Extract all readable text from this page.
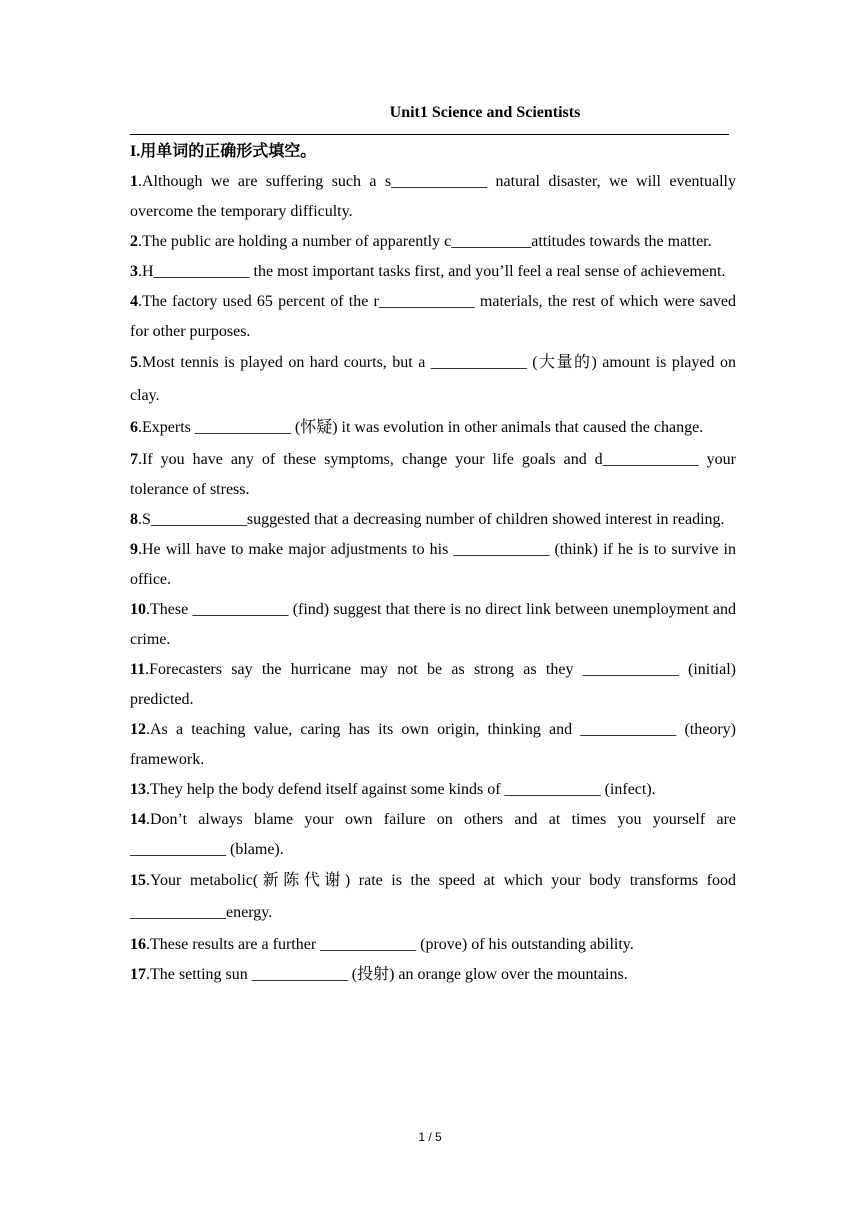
Unit1 Science and Scientists
I.用单词的正确形式填空。

1.Although we are suffering such a s____________ natural disaster, we will eventually overcome the temporary difficulty.

2.The public are holding a number of apparently c__________attitudes towards the matter.

3.H____________ the most important tasks first, and you’ll feel a real sense of achievement.

4.The factory used 65 percent of the r____________ materials, the rest of which were saved for other purposes.

5.Most tennis is played on hard courts, but a ____________ (大量的) amount is played on clay.

6.Experts ____________ (怀疑) it was evolution in other animals that caused the change.

7.If you have any of these symptoms, change your life goals and d____________ your tolerance of stress.

8.S____________suggested that a decreasing number of children showed interest in reading.

9.He will have to make major adjustments to his ____________ (think) if he is to survive in office.

10.These ____________ (find) suggest that there is no direct link between unemployment and crime.

11.Forecasters say the hurricane may not be as strong as they ____________ (initial) predicted.

12.As a teaching value, caring has its own origin, thinking and ____________ (theory) framework.

13.They help the body defend itself against some kinds of ____________ (infect).

14.Don’t always blame your own failure on others and at times you yourself are ____________ (blame).

15.Your metabolic(新陈代谢) rate is the speed at which your body transforms food ____________energy.

16.These results are a further ____________ (prove) of his outstanding ability.

17.The setting sun ____________ (投射) an orange glow over the mountains.

1 / 5
